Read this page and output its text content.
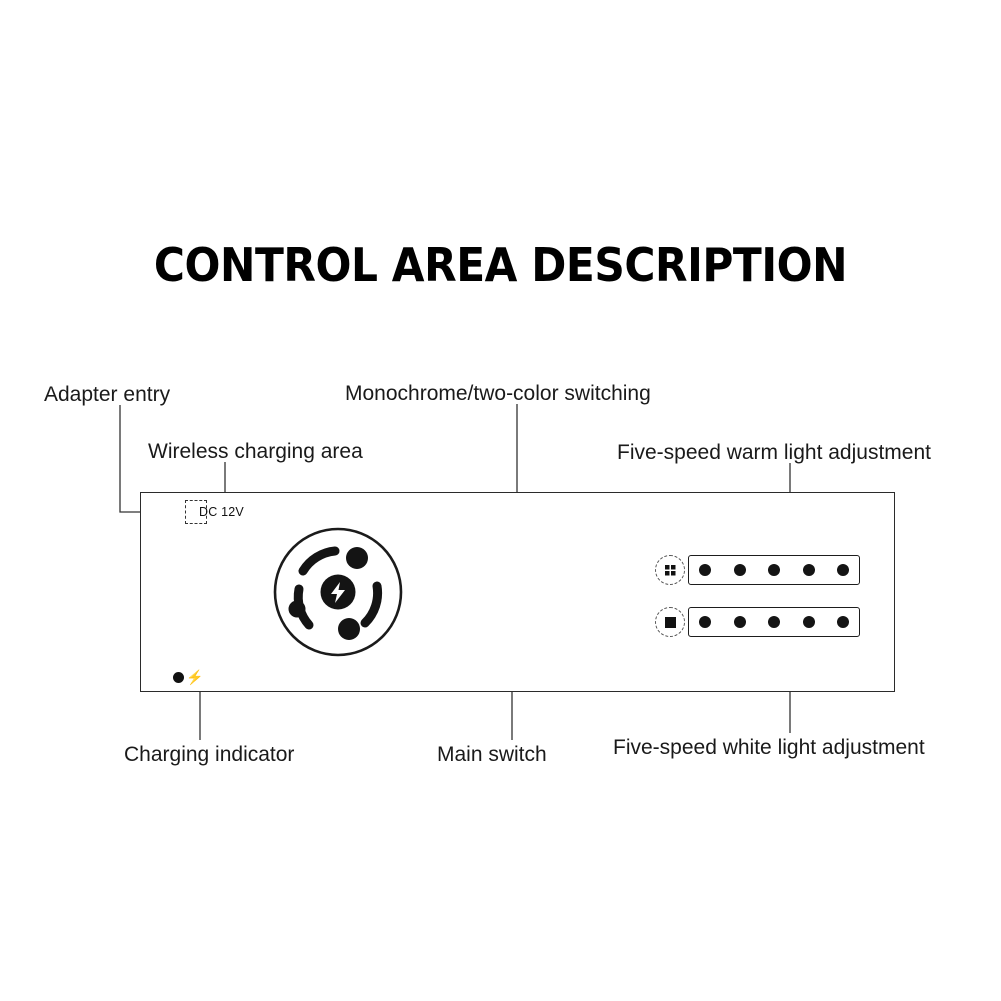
CONTROL AREA DESCRIPTION
DC 12V
⚡
Adapter entry
Wireless charging area
Monochrome/two-color switching
Five-speed warm light adjustment
Charging indicator	Main switch	Five-speed white light adjustment
